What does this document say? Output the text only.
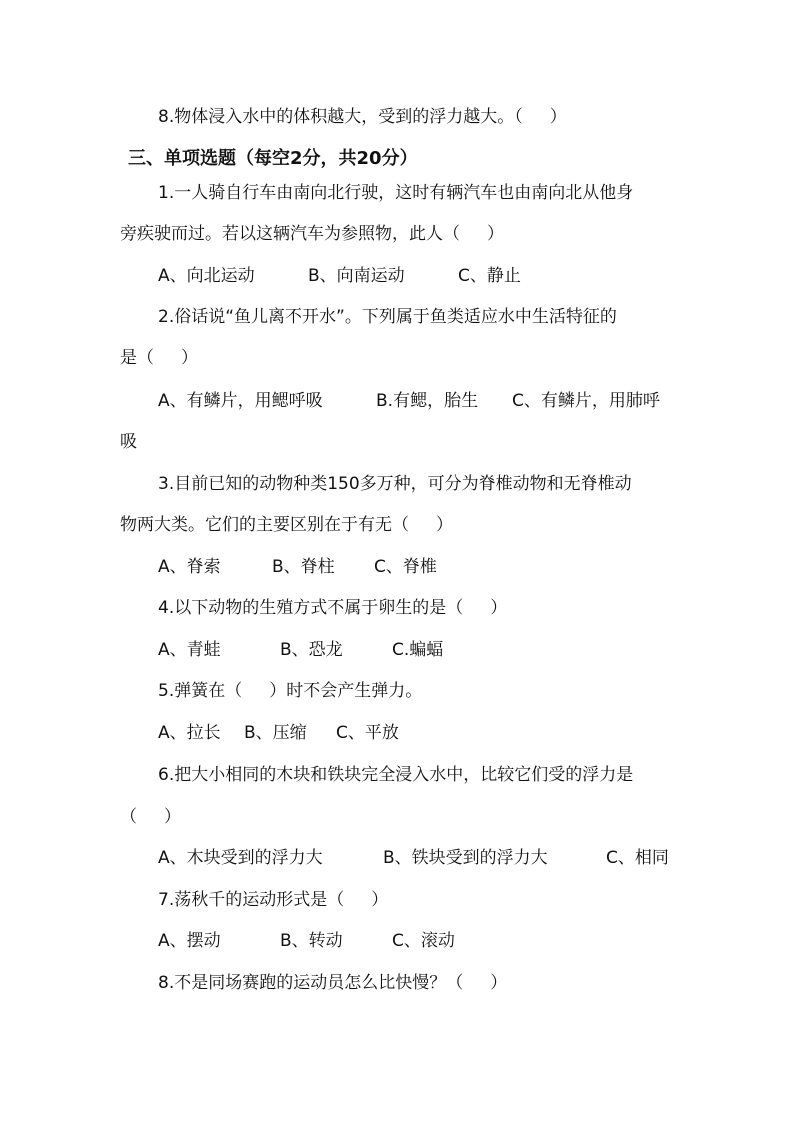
8.物体浸入水中的体积越大，受到的浮力越大。（     ）
三、单项选题（每空2分，共20分）
1.一人骑自行车由南向北行驶，这时有辆汽车也由南向北从他身
旁疾驶而过。若以这辆汽车为参照物，此人（     ）
A、向北运动	B、向南运动	C、静止
2.俗话说“鱼儿离不开水”。下列属于鱼类适应水中生活特征的
是（     ）
A、有鳞片，用鳃呼吸	B.有鳃，胎生 C、有鳞片，用肺呼
吸
3.目前已知的动物种类150多万种，可分为脊椎动物和无脊椎动
物两大类。它们的主要区别在于有无（     ）
A、脊索	B、脊柱 C、脊椎
4.以下动物的生殖方式不属于卵生的是（     ）
A、青蛙	B、恐龙	C.蝙蝠
5.弹簧在（     ）时不会产生弹力。
A、拉长 B、压缩 C、平放
6.把大小相同的木块和铁块完全浸入水中，比较它们受的浮力是
（     ）
A、木块受到的浮力大	B、铁块受到的浮力大	C、相同
7.荡秋千的运动形式是（     ）
A、摆动	B、转动	C、滚动
8.不是同场赛跑的运动员怎么比快慢？（     ）
